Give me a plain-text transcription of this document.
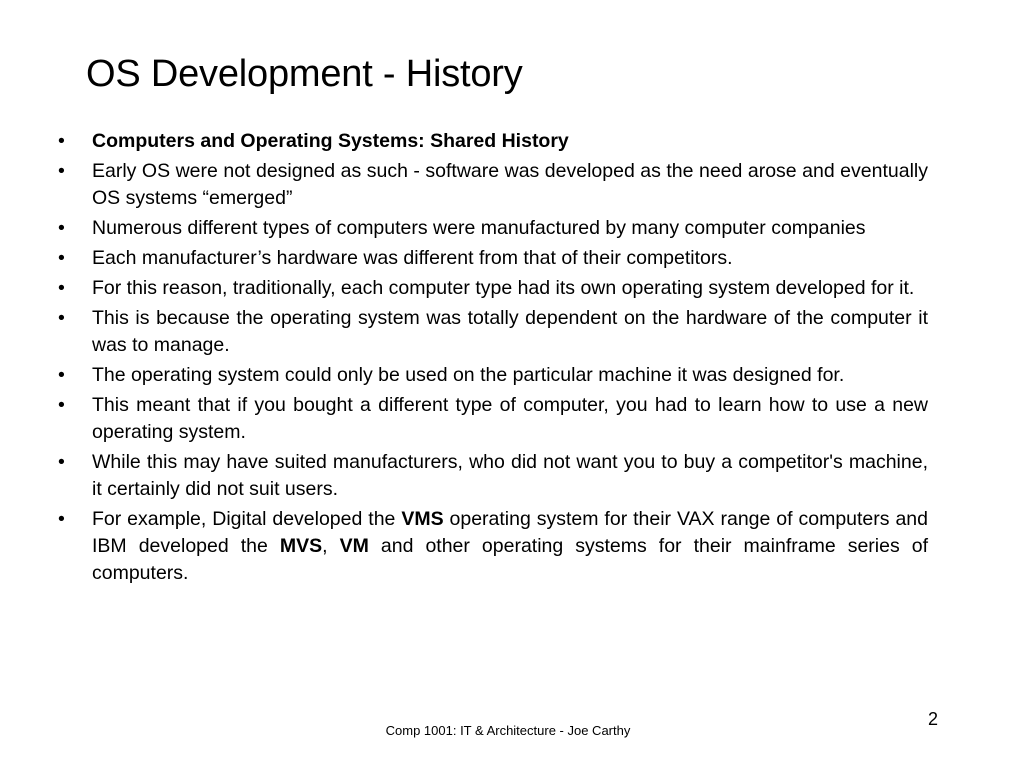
OS Development - History
•	Computers and Operating Systems: Shared History
•	Early OS were not designed as such - software was developed as the need arose and eventually OS systems “emerged”
•	Numerous different types of computers were manufactured by many computer companies
•	Each manufacturer’s hardware was different from that of their competitors.
•	For this reason, traditionally, each computer type had its own operating system developed for it.
•	This is because the operating system was totally dependent on the hardware of the computer it was to manage.
•	The operating system could only be used on the particular machine it was designed for.
•	This meant that if you bought a different type of computer, you had to learn how to use a new operating system.
•	While this may have suited manufacturers, who did not want you to buy a competitor's machine, it certainly did not suit users.
•	For example, Digital developed the VMS operating system for their VAX range of computers and IBM developed the MVS, VM and other operating systems for their mainframe series of computers.
Comp 1001: IT & Architecture - Joe Carthy
2
